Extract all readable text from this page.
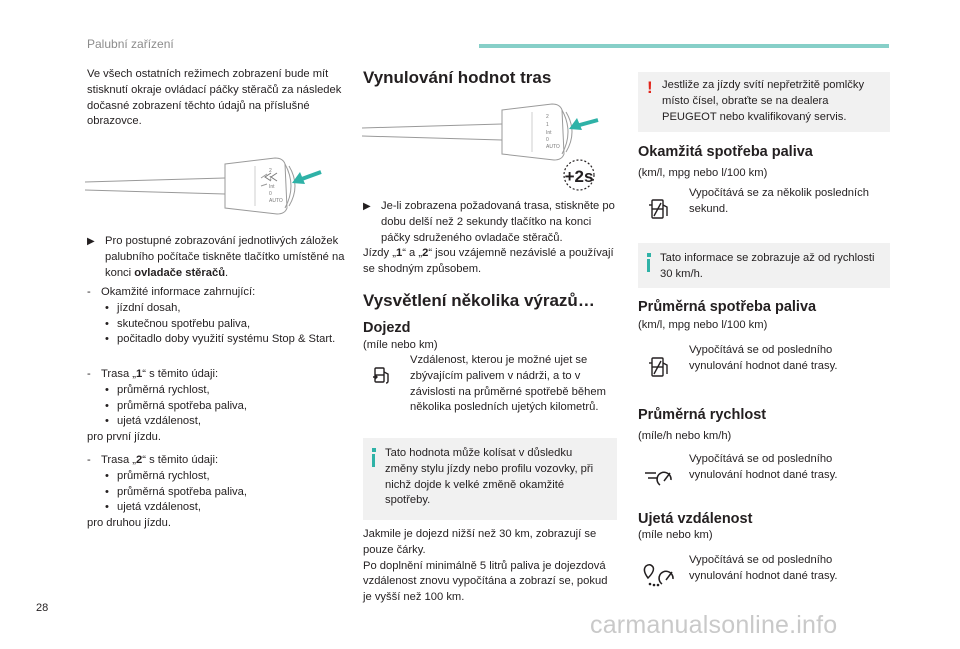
Palubní zařízení

Ve všech ostatních režimech zobrazení bude mít stisknutí okraje ovládací páčky stěračů za následek dočasné zobrazení těchto údajů na příslušné obrazovce.

2
1
Int
0
AUTO
▶ Pro postupné zobrazování jednotlivých záložek palubního počítače tiskněte tlačítko umístěné na konci ovladače stěračů.
- Okamžité informace zahrnující:
• jízdní dosah,
• skutečnou spotřebu paliva,
• počitadlo doby využití systému Stop & Start.
- Trasa „1“ s těmito údaji:
• průměrná rychlost,
• průměrná spotřeba paliva,
• ujetá vzdálenost,
pro první jízdu.
- Trasa „2“ s těmito údaji:
• průměrná rychlost,
• průměrná spotřeba paliva,
• ujetá vzdálenost,
pro druhou jízdu.
Vynulování hodnot tras
2
1
Int
0
AUTO
+2s
▶ Je-li zobrazena požadovaná trasa, stiskněte po dobu delší než 2 sekundy tlačítko na konci páčky sdruženého ovladače stěračů.

Jízdy „1“ a „2“ jsou vzájemně nezávislé a používají se shodným způsobem.

Vysvětlení několika výrazů…
Dojezd

(míle nebo km)

Vzdálenost, kterou je možné ujet se zbývajícím palivem v nádrži, a to v závislosti na průměrné spotřebě během několika posledních ujetých kilometrů.

Tato hodnota může kolísat v důsledku změny stylu jízdy nebo profilu vozovky, při nichž dojde k velké změně okamžité spotřeby.

Jakmile je dojezd nižší než 30 km, zobrazují se pouze čárky.
Po doplnění minimálně 5 litrů paliva je dojezdová vzdálenost znovu vypočítána a zobrazí se, pokud je vyšší než 100 km.

! Jestliže za jízdy svítí nepřetržitě pomlčky místo čísel, obraťte se na dealera PEUGEOT nebo kvalifikovaný servis.

Okamžitá spotřeba paliva

(km/l, mpg nebo l/100 km)

Vypočítává se za několik posledních sekund.

Tato informace se zobrazuje až od rychlosti 30 km/h.

Průměrná spotřeba paliva

(km/l, mpg nebo l/100 km)

Vypočítává se od posledního vynulování hodnot dané trasy.

Průměrná rychlost

(míle/h nebo km/h)

Vypočítává se od posledního vynulování hodnot dané trasy.

Ujetá vzdálenost

(míle nebo km)

Vypočítává se od posledního vynulování hodnot dané trasy.

28
carmanualsonline.info
